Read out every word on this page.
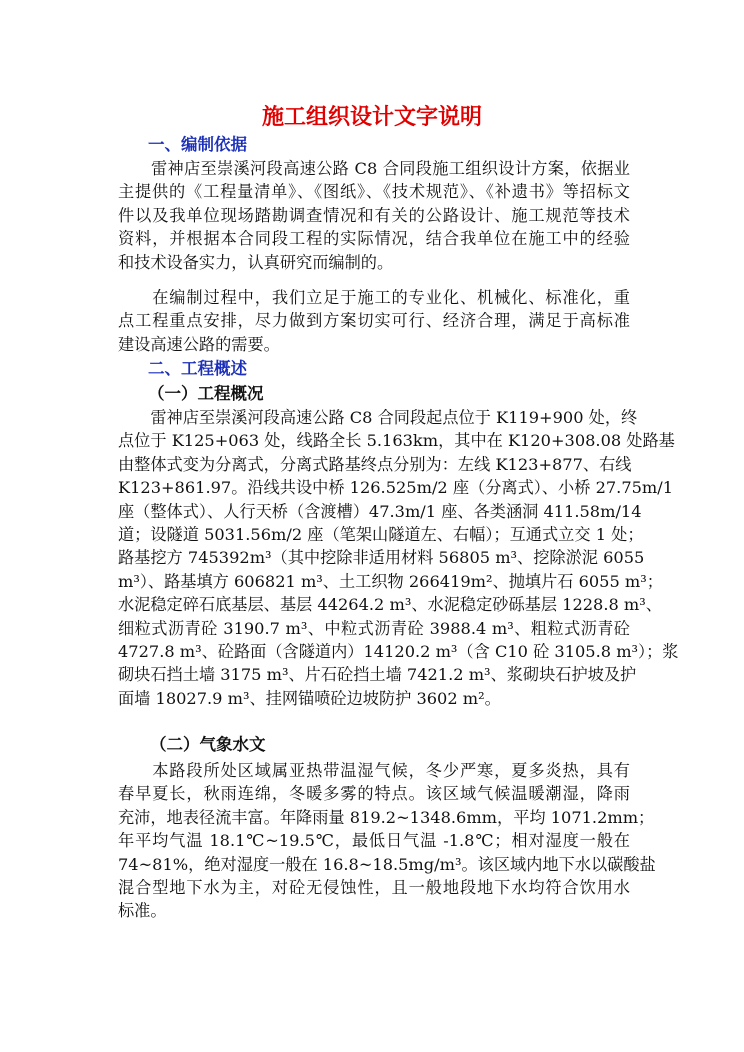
施工组织设计文字说明
一、编制依据
　　雷神店至崇溪河段高速公路 C8 合同段施工组织设计方案，依据业
主提供的《工程量清单》、《图纸》、《技术规范》、《补遗书》等招标文
件以及我单位现场踏勘调查情况和有关的公路设计、施工规范等技术
资料，并根据本合同段工程的实际情况，结合我单位在施工中的经验
和技术设备实力，认真研究而编制的。
　　在编制过程中，我们立足于施工的专业化、机械化、标准化，重
点工程重点安排，尽力做到方案切实可行、经济合理，满足于高标准
建设高速公路的需要。
二、工程概述
（一）工程概况
　　雷神店至崇溪河段高速公路 C8 合同段起点位于 K119+900 处，终
点位于 K125+063 处，线路全长 5.163km，其中在 K120+308.08 处路基
由整体式变为分离式，分离式路基终点分别为：左线 K123+877、右线
K123+861.97。沿线共设中桥 126.525m/2 座（分离式）、小桥 27.75m/1
座（整体式）、人行天桥（含渡槽）47.3m/1 座、各类涵洞 411.58m/14
道；设隧道 5031.56m/2 座（笔架山隧道左、右幅）；互通式立交 1 处；
路基挖方 745392m³（其中挖除非适用材料 56805 m³、挖除淤泥 6055
m³）、路基填方 606821 m³、土工织物 266419m²、抛填片石 6055 m³；
水泥稳定碎石底基层、基层 44264.2 m³、水泥稳定砂砾基层 1228.8 m³、
细粒式沥青砼 3190.7 m³、中粒式沥青砼 3988.4 m³、粗粒式沥青砼
4727.8 m³、砼路面（含隧道内）14120.2 m³（含 C10 砼 3105.8 m³）；浆
砌块石挡土墙 3175 m³、片石砼挡土墙 7421.2 m³、浆砌块石护坡及护
面墙 18027.9 m³、挂网锚喷砼边坡防护 3602 m²。
（二）气象水文
　　本路段所处区域属亚热带温湿气候，冬少严寒，夏多炎热，具有
春早夏长，秋雨连绵，冬暖多雾的特点。该区域气候温暖潮湿，降雨
充沛，地表径流丰富。年降雨量 819.2~1348.6mm，平均 1071.2mm；
年平均气温 18.1℃~19.5℃，最低日气温 -1.8℃；相对湿度一般在
74~81%，绝对湿度一般在 16.8~18.5mg/m³。该区域内地下水以碳酸盐
混合型地下水为主，对砼无侵蚀性，且一般地段地下水均符合饮用水
标准。
